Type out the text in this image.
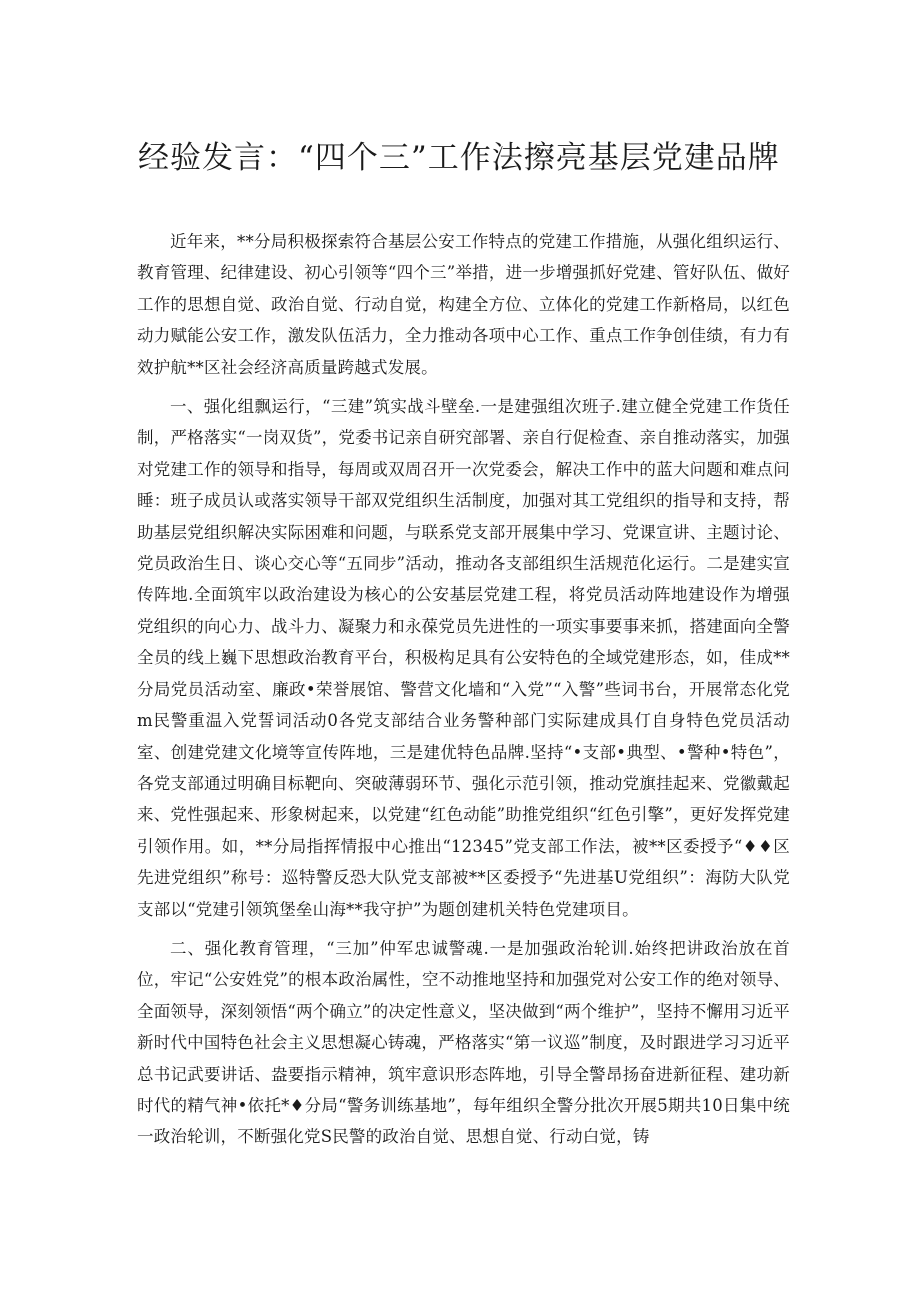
经验发言：“四个三”工作法擦亮基层党建品牌

近年来，**分局积极探索符合基层公安工作特点的党建工作措施，从强化组织运行、教育管理、纪律建设、初心引领等“四个三”举措，进一步增强抓好党建、管好队伍、做好工作的思想自觉、政治自觉、行动自觉，构建全方位、立体化的党建工作新格局，以红色动力赋能公安工作，激发队伍活力，全力推动各项中心工作、重点工作争创佳绩，有力有效护航**区社会经济高质量跨越式发展。

一、强化组飘运行，“三建”筑实战斗壁垒.一是建强组次班子.建立健全党建工作货任制，严格落实“一岗双货”，党委书记亲自研究部署、亲自行促检查、亲自推动落实，加强对党建工作的领导和指导，每周或双周召开一次党委会，解决工作中的蓝大问题和难点问睡：班子成员认或落实领导干部双党组织生活制度，加强对其工党组织的指导和支持，帮助基层党组织解决实际困难和问题，与联系党支部开展集中学习、党课宣讲、主题讨论、党员政治生日、谈心交心等“五同步”活动，推动各支部组织生活规范化运行。二是建实宣传阵地.全面筑牢以政治建设为核心的公安基层党建工程，将党员活动阵地建设作为增强党组织的向心力、战斗力、凝聚力和永葆党员先进性的一项实事要事来抓，搭建面向全警全员的线上巍下思想政治教育平台，积极构足具有公安特色的全域党建形态，如，佳成**分局党员活动室、廉政•荣誉展馆、警营文化墙和“入党”“入警”些词书台，开展常态化党m民警重温入党誓词活动0各党支部结合业务警种部门实际建成具仃自身特色党员活动室、创建党建文化境等宣传阵地，三是建优特色品牌.坚持“•支部•典型、•警种•特色”，各党支部通过明确目标靶向、突破薄弱环节、强化示范引领，推动党旗挂起来、党徽戴起来、党性强起来、形象树起来，以党建“红色动能”助推党组织“红色引擎”，更好发挥党建引领作用。如，**分局指挥情报中心推出“12345”党支部工作法，被**区委授予“♦♦区先进党组织”称号：巡特警反恐大队党支部被**区委授予“先进基U党组织”：海防大队党支部以“党建引领筑堡垒山海**我守护”为题创建机关特色党建项目。

二、强化教育管理，“三加”仲军忠诚警魂.一是加强政治轮训.始终把讲政治放在首位，牢记“公安姓党”的根本政治属性，空不动推地坚持和加强党对公安工作的绝对领导、全面领导，深刻领悟“两个确立”的决定性意义，坚决做到“两个维护”，坚持不懈用习近平新时代中国特色社会主义思想凝心铸魂，严格落实“第一议巡”制度，及时跟进学习习近平总书记武要讲话、盎要指示精神，筑牢意识形态阵地，引导全警昂扬奋进新征程、建功新时代的精气神•依托*♦分局“警务训练基地”，每年组织全警分批次开展5期共10日集中统一政治轮训，不断强化党S民警的政治自觉、思想自觉、行动白觉，铸
